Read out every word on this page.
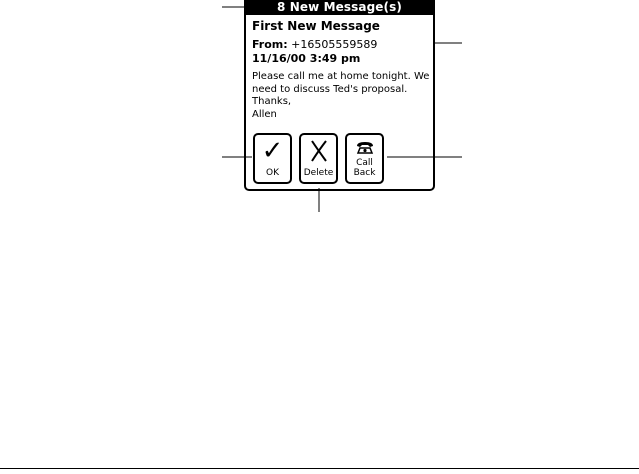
8 New Message(s)
First New Message
From: +16505559589
11/16/00 3:49 pm
Please call me at home tonight. We
need to discuss Ted's proposal.
Thanks,
Allen
✓
OK	Delete
Call
Back
